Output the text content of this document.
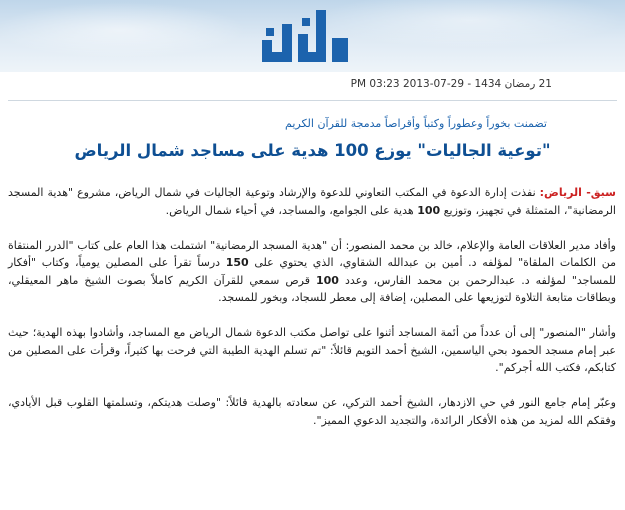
21 رمضان 1434 - 29-07-2013 PM 03:23
تضمنت بخوراً وعطوراً وكتباً وأقراصاً مدمجة للقرآن الكريم
"توعية الجاليات" يوزع 100 هدية على مساجد شمال الرياض

سبق- الرياض: نفذت إدارة الدعوة في المكتب التعاوني للدعوة والإرشاد وتوعية الجاليات في شمال الرياض، مشروع "هدية المسجد الرمضانية"، المتمثلة في تجهيز، وتوزيع 100 هدية على الجوامع، والمساجد، في أحياء شمال الرياض.

وأفاد مدير العلاقات العامة والإعلام، خالد بن محمد المنصور: أن "هدية المسجد الرمضانية" اشتملت هذا العام على كتاب "الدرر المنتقاة من الكلمات الملقاة" لمؤلفه د. أمين بن عبدالله الشقاوي، الذي يحتوي على 150 درساً تقرأ على المصلين يومياً، وكتاب "أفكار للمساجد" لمؤلفه د. عبدالرحمن بن محمد الفارس، وعدد 100 قرص سمعي للقرآن الكريم كاملاً بصوت الشيخ ماهر المعيقلي، وبطاقات متابعة التلاوة لتوزيعها على المصلين، إضافة إلى معطر للسجاد، وبخور للمسجد.

وأشار "المنصور" إلى أن عدداً من أئمة المساجد أثنوا على تواصل مكتب الدعوة شمال الرياض مع المساجد، وأشادوا بهذه الهدية؛ حيث عبر إمام مسجد الحمود بحي الياسمين، الشيخ أحمد التويم قائلاً: "تم تسلم الهدية الطيبة التي فرحت بها كثيراً، وقرأت على المصلين من كتابكم، فكتب الله أجركم".

وعبّر إمام جامع النور في حي الازدهار، الشيخ أحمد التركي، عن سعادته بالهدية قائلاً: "وصلت هديتكم، وتسلمتها القلوب قبل الأيادي، وفقكم الله لمزيد من هذه الأفكار الرائدة، والتجديد الدعوي المميز".
